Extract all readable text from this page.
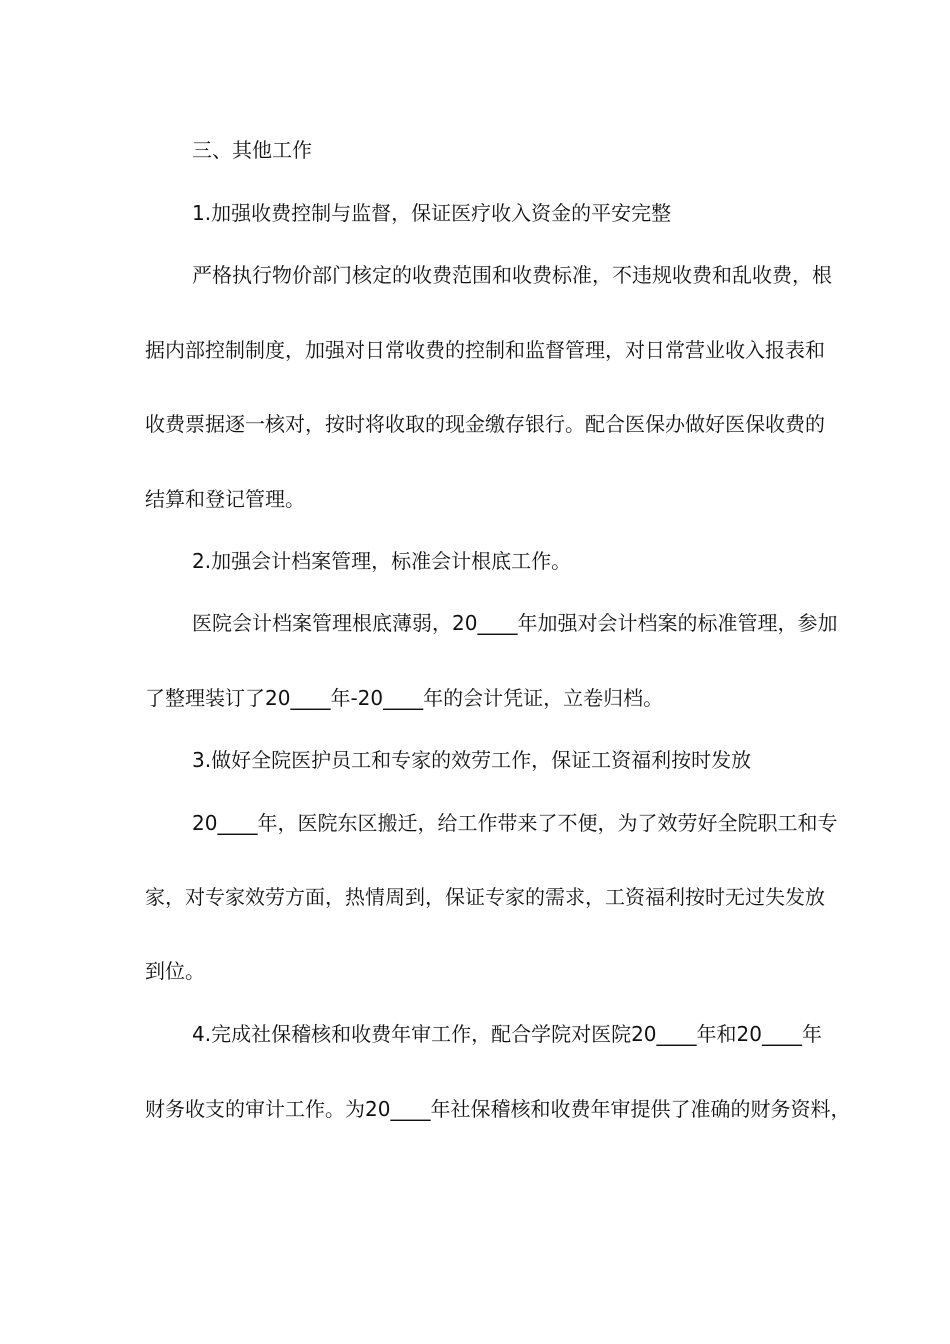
三、其他工作
1.加强收费控制与监督，保证医疗收入资金的平安完整
严格执行物价部门核定的收费范围和收费标准，不违规收费和乱收费，根
据内部控制制度，加强对日常收费的控制和监督管理，对日常营业收入报表和
收费票据逐一核对，按时将收取的现金缴存银行。配合医保办做好医保收费的
结算和登记管理。
2.加强会计档案管理，标准会计根底工作。
医院会计档案管理根底薄弱，20____年加强对会计档案的标准管理，参加
了整理装订了20____年-20____年的会计凭证，立卷归档。
3.做好全院医护员工和专家的效劳工作，保证工资福利按时发放
20____年，医院东区搬迁，给工作带来了不便，为了效劳好全院职工和专
家，对专家效劳方面，热情周到，保证专家的需求，工资福利按时无过失发放
到位。
4.完成社保稽核和收费年审工作，配合学院对医院20____年和20____年
财务收支的审计工作。为20____年社保稽核和收费年审提供了准确的财务资料，
